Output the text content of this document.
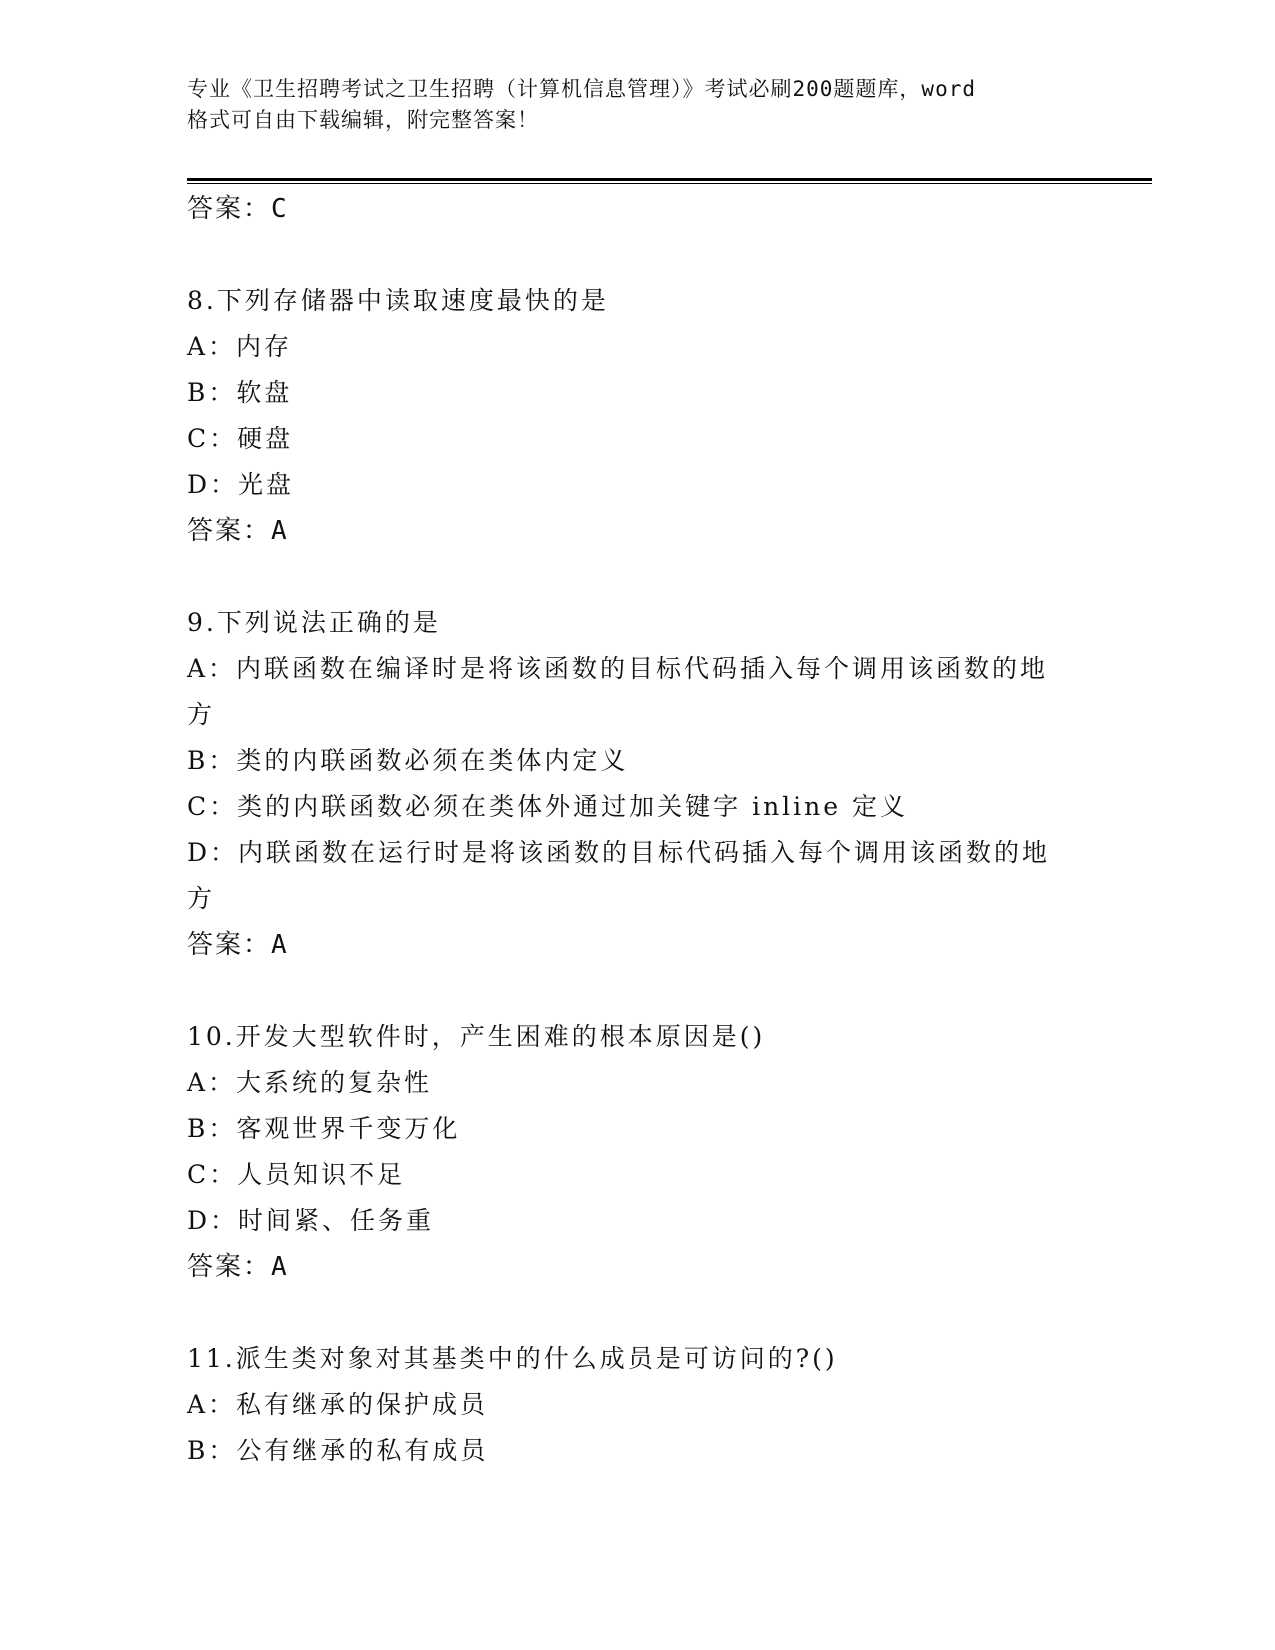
专业《卫生招聘考试之卫生招聘（计算机信息管理）》考试必刷200题题库，word
格式可自由下载编辑，附完整答案！
答案：C
8.下列存储器中读取速度最快的是
A：内存
B：软盘
C：硬盘
D：光盘
答案：A
9.下列说法正确的是
A：内联函数在编译时是将该函数的目标代码插入每个调用该函数的地
方
B：类的内联函数必须在类体内定义
C：类的内联函数必须在类体外通过加关键字 inline 定义
D：内联函数在运行时是将该函数的目标代码插入每个调用该函数的地
方
答案：A
10.开发大型软件时，产生困难的根本原因是()
A：大系统的复杂性
B：客观世界千变万化
C：人员知识不足
D：时间紧、任务重
答案：A
11.派生类对象对其基类中的什么成员是可访问的?()
A：私有继承的保护成员
B：公有继承的私有成员
